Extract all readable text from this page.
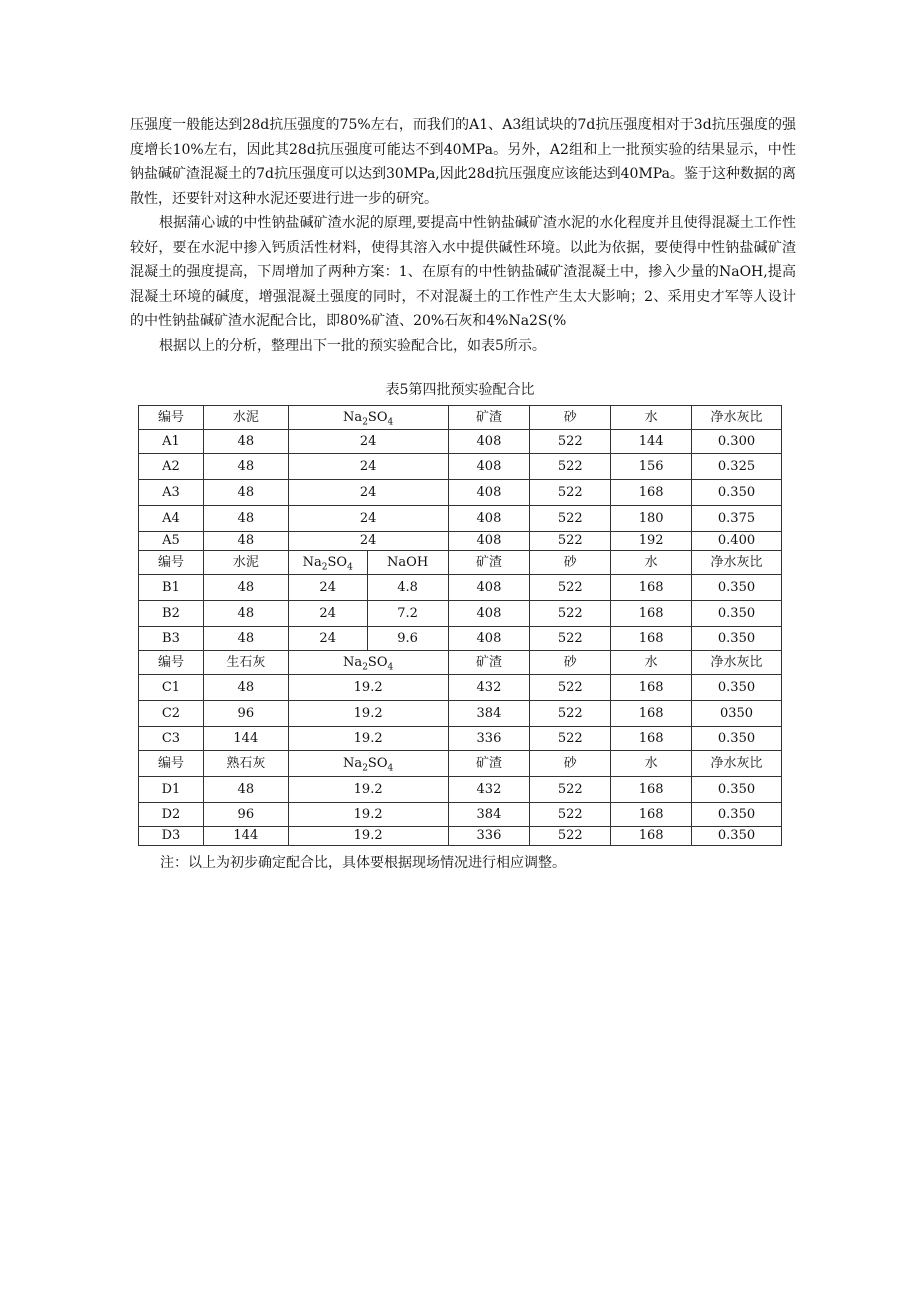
压强度一般能达到28d抗压强度的75%左右，而我们的A1、A3组试块的7d抗压强度相对于3d抗压强度的强度增长10%左右，因此其28d抗压强度可能达不到40MPa。另外，A2组和上一批预实验的结果显示，中性钠盐碱矿渣混凝土的7d抗压强度可以达到30MPa,因此28d抗压强度应该能达到40MPa。鉴于这种数据的离散性，还要针对这种水泥还要进行进一步的研究。

根据蒲心诚的中性钠盐碱矿渣水泥的原理,要提高中性钠盐碱矿渣水泥的水化程度并且使得混凝土工作性较好，要在水泥中掺入钙质活性材料，使得其溶入水中提供碱性环境。以此为依据，要使得中性钠盐碱矿渣混凝土的强度提高，下周增加了两种方案：1、在原有的中性钠盐碱矿渣混凝土中，掺入少量的NaOH,提高混凝土环境的碱度，增强混凝土强度的同时，不对混凝土的工作性产生太大影响；2、采用史才军等人设计的中性钠盐碱矿渣水泥配合比，即80%矿渣、20%石灰和4%Na2S(%

根据以上的分析，整理出下一批的预实验配合比，如表5所示。

表5第四批预实验配合比
编号	水泥	$Na_2SO_4$		矿渣	砂	水	净水灰比
A1	48	24		408	522	144	0.300
A2	48	24		408	522	156	0.325
A3	48	24		408	522	168	0.350
A4	48	24		408	522	180	0.375
A5	48	24		408	522	192	0.400
编号	水泥	$Na_2SO_4$	NaOH	矿渣	砂	水	净水灰比
B1	48	24	4.8	408	522	168	0.350
B2	48	24	7.2	408	522	168	0.350
B3	48	24	9.6	408	522	168	0.350
编号	生石灰	$Na_2SO_4$		矿渣	砂	水	净水灰比
C1	48	19.2		432	522	168	0.350
C2	96	19.2		384	522	168	0350
C3	144	19.2		336	522	168	0.350
编号	熟石灰	$Na_2SO_4$		矿渣	砂	水	净水灰比
D1	48	19.2		432	522	168	0.350
D2	96	19.2		384	522	168	0.350
D3	144	19.2		336	522	168	0.350
注：以上为初步确定配合比，具体要根据现场情况进行相应调整。
